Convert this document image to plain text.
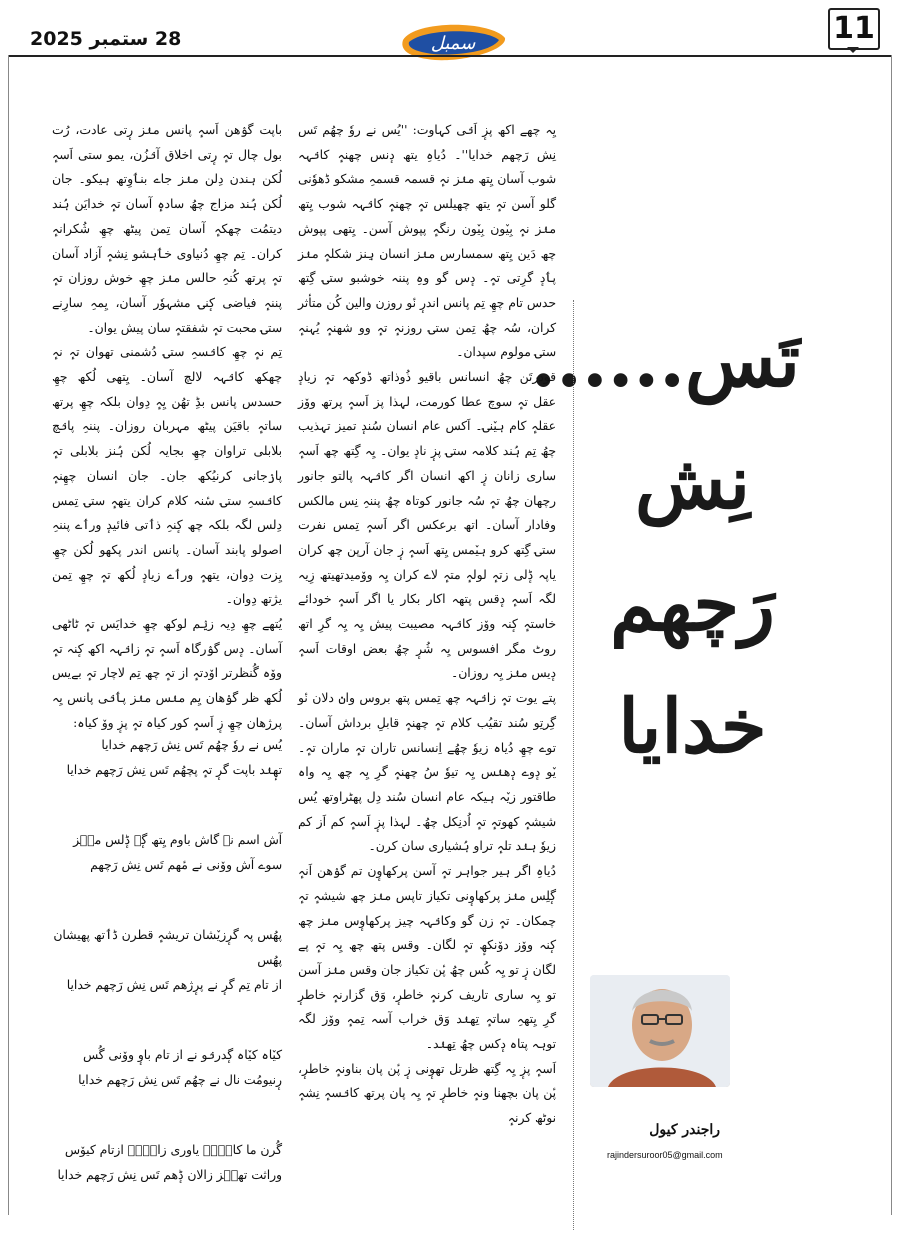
28 ستمبر 2025	سمبل	11
تَس......
نِش
رَچھم
خدایا

یِہ چھے اکھ پزٕ اَنٛی کہاوت: ''یُس نے روٗ چھُم تَس نِش رَچھم خدایا''۔ دُیاہِ یتھ دٕنس چھنہٕ کانٛہہ شوب آسان یِتھ منٛز نہٕ قسمہ قسمہِ مشکو ڈھوٗنی گلو آسن تہٕ یتھ چھیلس تہٕ چھنہٕ کانٛہہ شوب یِتھ منٛز نہٕ بِیٚون بِیٚون رنگہٕ پپوش آسن۔ یِتھی پپوش چھ دَین یِتھ سمسارس منٛز انسان ہِنز شکلہٕ منٛز پٲدٕ گرِتی تہٕ۔ دٕس گو وہِ پننہ خوشبو ستۍ گِتھ حدس تام چھِ تِم پانس اندرٕ نٔو روزن والین کُن متأثر کران، سُہ چھُ تِمن ستۍ روزنہٕ تہٕ وو شھنہٕ یُہنہٕ ستۍ مولوم سپدان۔

قودرتَن چھُ انسانس باقیو ذُوذاتھ ڈوکھہ تہٕ زیادٕ عقل تہٕ سوچ عطا کورمت، لہذا پز اَسہٕ پرتھ ووٚز عقلہٕ کام ہیٚنۍ۔ اَکس عام انسان سُندٕ تمیز تہذیب چھُ تِم ہُند کلامہ ستۍ پزٕ نادٕ یوان۔ یِہ گِتھ چھ اَسہٕ ساری زانان زٕ اکھ انسان اگر کانٛہہ پالتو جانور رچھان چھُ تہٕ سُہ جانور کوتاہ چھُ پننہِ نِس مالکس وفادار آسان۔ اتھ برعکس اگر اَسہٕ تِمس نفرت ستۍ گِتھ کرو ہیٚمس یِتھ اَسہٕ زٕ جان آرپن چھ کران یاپہ ڈٕلی زتہٕ لولہٕ متہٕ لاے کران یِہ ووٚمیدتھیتھ زِیہ لگہ اَسہٕ دٕقس پتھہ اکار بکار یا اگر اَسہٕ خودائے خاستہٕ کٕنہ ووٚز کانٛہہ مصیبت پیش یِہ یِہ گرِ اتھ روٹ مگر افسوس یِہ شُرٕ چھُ بعض اوقات اَسہٕ دٕیس منٛز یِہ روزان۔

پتے یوت تہٕ زانٛہہ چھ تِمس پتھ بروس وانٛ دلان نٔو گِرتِو سُند تقیُب کلام تہٕ چھنہٕ قابلِ برداش آسان۔ توے چھِ دُیاہ زیوٗ چھُے اِنسانس تاران تہٕ ماران تہٕ۔ یٚو دٕوے دٕھنٛس یِہ تیوٗ سُ چھنہٕ گرِ یِہ چھ یِہ واہ طاقتور زیٚہ ہیکہ عام انسان سُند دِل پھٹراوتھ یُس شیشہٕ کھوتہٕ تہٕ اُدنِکل چھُ۔ لہذا پزٕ اَسہٕ کم اَز کم زیوٗ ہنٛد تلہٕ تراو ہُشیاری سان کرن۔

دُیاہِ اگر ہیر جواہر تہٕ آسن پرکھاوٕن تم گوٛھن اَنہٕ گٕلِس منٛز پرکھاوٕنی تکیاز تاپس منٛز چھ شیشہٕ تہٕ چمکان۔ تہٕ زن گو وکانٛہہ چیز پرکھاوٕس منٛز چھ کٕنہ ووٚز دوٚنکھٕ تہٕ لگان۔ وقس پتھ چھ یِہ تہٕ پے لگان زٕ تو یِہ کُس چھُ پٔن تکیاز جان وقس منٛز آسن تو یِہ ساری تاریف کرنہٕ خاطرٕ، وَق گزارنہٕ خاطرٕ گرِ یِتھہِ ساتہٕ تِھنٛد وَق خراب آسہ تِمہٕ ووٚز لگہ توہہ پتاہ دٕکس چھُ تِھنٛد۔

اَسہٕ پزٕ یِہ گِتھ ظرتل تھوٕنی زٕ پٔن پان بناونہٕ خاطرٕ، پٔن پان بچھنا ونہٕ خاطرٕ تہٕ یِہ پان پرتھ کانٛسہٕ نِشہٕ نوٹھ کرنہٕ

باپت گوٛھن اَسہٕ پانس منٛز رٕتی عادت، رُت بول چال تہٕ رٕتی اخلاق آنٛزُن، یمو ستی اَسہٕ لُکن ہندن دِلن منٛز جاے بنٲوِتھ ہیکو۔ جان لُکن ہُند مزاج چھُ سادہٕ آسان تہٕ خدایَن ہُند دیتمُت چھکہٕ آسان تِمن پیٹھ چھِ شُکرانہٕ کران۔ تِم چھِ دُنیاوی خٲہشو نِشہٕ آزاد آسان تہٕ پرتھ کُنہِ حالس منٛز چھِ خوش روزان تہٕ پننہٕ فیاضی کٕنۍ مشہوٗر آسان، یِمہِ سارِنے ستۍ محبت تہٕ شفقتہٕ سان پیش یوان۔

تِم نہٕ چھِ کانٛسہِ ستۍ دُشمنی تھوان تہٕ نہٕ چھکھ کانٛہہ لالچ آسان۔ یِتھی لُکھ چھِ حسدس پانس بڈِ تھُن یِہٕ دِوان بلکہ چھِ پرتھ ساتہٕ باقیَن پیٹھ مہربان روزان۔ پننہِ پانٛچ بلابلی تراوان چھِ بجایہ لُکن ہُنز بلابلی تہٕ پارٛجانی کرنیُکھ جان۔ جان انسان چھِنہٕ کانٛسہِ ستۍ سٔنہ کلام کران یتھہٕ ستۍ تِمس دِلس لگہ بلکہ چھ کٕنہِ ذٲتی فائیدٕ ورٲے پننہِ اصولو پابند آسان۔ پانس اندر پکھو لُکن چھِ یِزت دِوان، یتھہٕ ورٲے زیادٕ لُکھ تہٕ چھِ تِمن یژتھ دِوان۔

یُتھے چھِ دِیہ زیٛم لوکھ چھِ خدایَس تہٕ ٹاٹھی آسان۔ دٕس گوٛرگاہ اَسہٕ تہٕ زانٛہہ اکھ کٕنہ تہٕ ووٚہ گُنظرتر اوٚدتہٕ از تہٕ چھ تِم لاچار تہٕ بےیس لُکھ ظر گوٛھان یِم منٛس منٛز پٲنٛی پانس یِہ پرژھان چھِ زٕ اَسہٕ کور کیاہ تہٕ پزٕ ووٚ کیاہ:

یُس نے روٗ چھُم تَس نِش رَچھم خدایا
تھٕنٛد باپت گرٕ تہٕ پچھُم تَس نِش رَچھم خدایا
آش اسم نے گاش باوم یِتھ گٕہ ڈٕلس منٛز
سوے آش ووٚنی نے مٔھم تَس نِش رَچھم
پھُس پہ گرٕزیٚشان تریشہٕ قطرن ڈٲتھ پھیشان پھُس
از تام تِم گرٕ نے پرٕژھم تَس نِش رَچھم خدایا
کیٚاہ کیٚاہ گٕدرنٛو نے از تام باوٕ ووٚنی گُس
رٕنیومُت نال نے چھُم تَس نِش رَچھم خدایا
گُرن ما کانٛہہ یاوری زانٛہہ ازتام کیوٚس
وراثت تھنٛز زالان ڈٕھم تَس نِش رَچھم خدایا
راجندر کیول
rajindersuroor05@gmail.com
